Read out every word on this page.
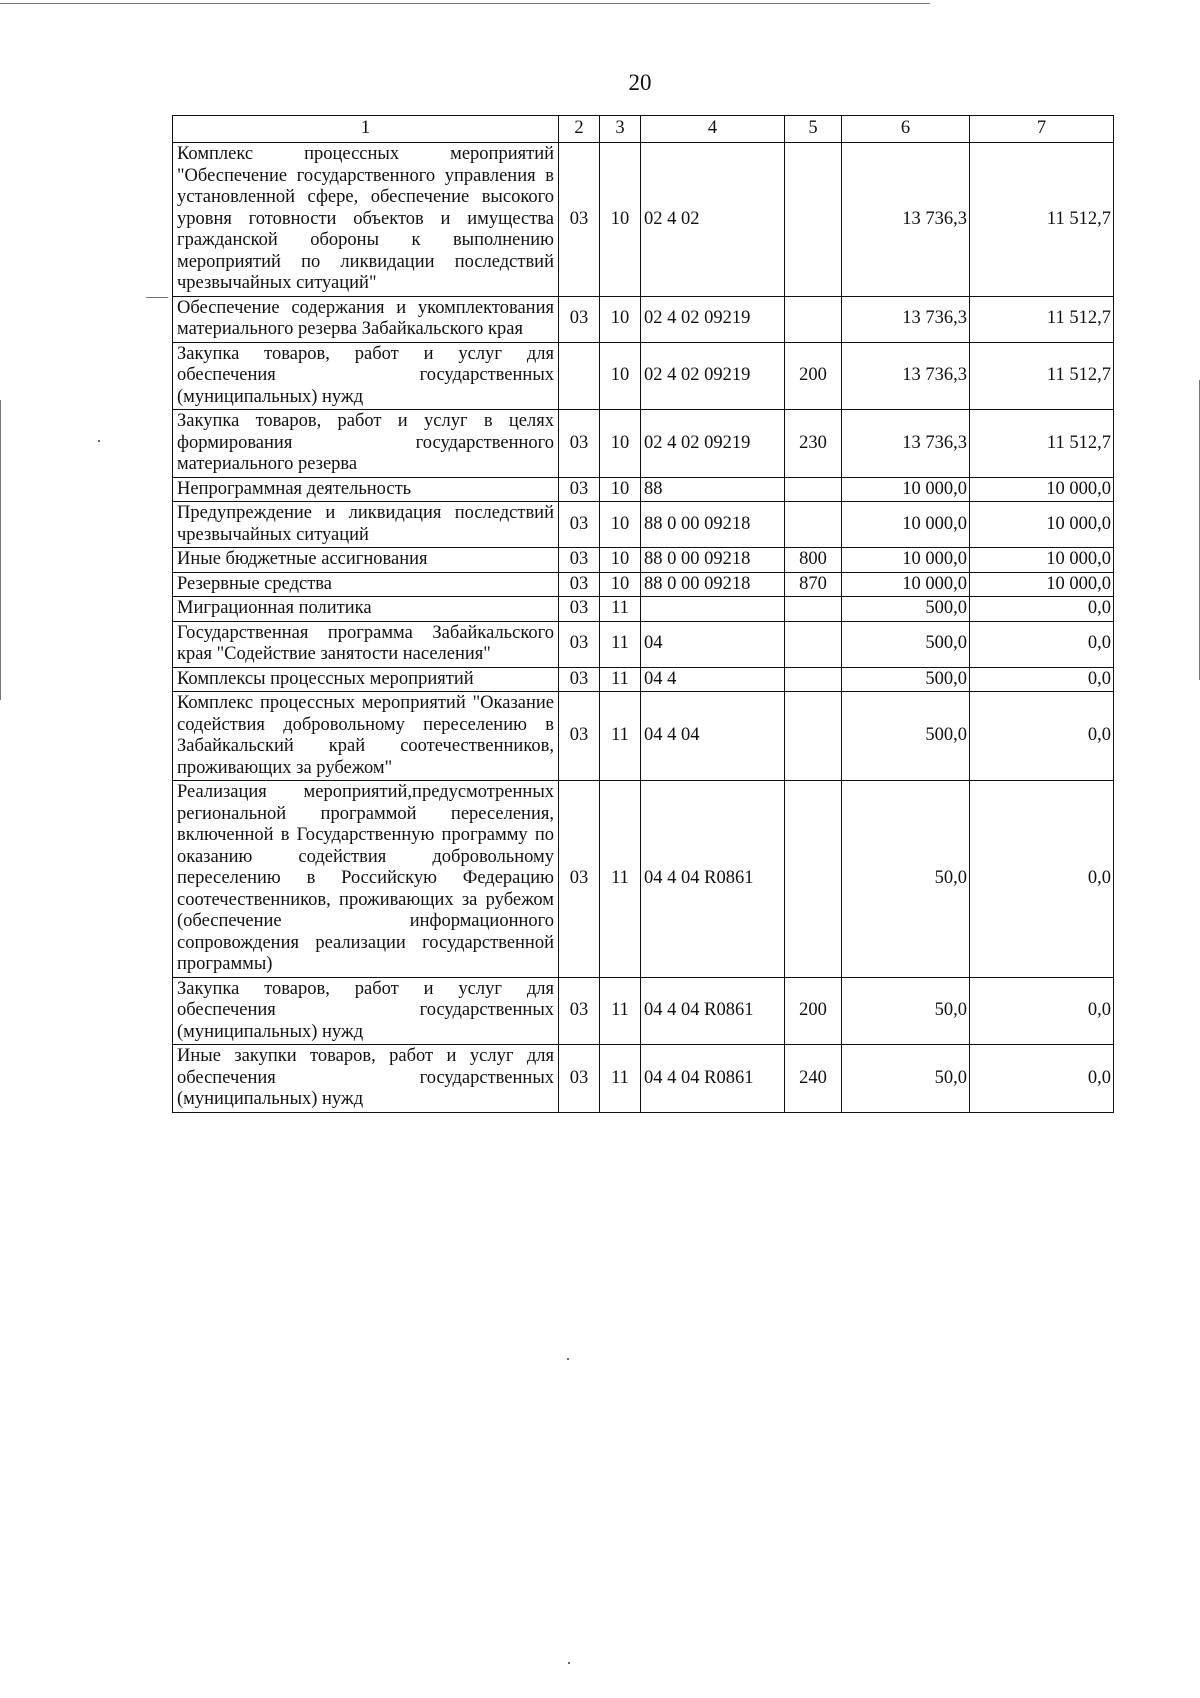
20
1	2	3	4	5	6	7
Комплекс процессных мероприятий "Обеспечение государственного управления в установленной сфере, обеспечение высокого уровня готовности объектов и имущества гражданской обороны к выполнению мероприятий по ликвидации последствий чрезвычайных ситуаций"	03	10	02 4 02		13 736,3	11 512,7
Обеспечение содержания и укомплектования материального резерва Забайкальского края	03	10	02 4 02 09219		13 736,3	11 512,7
Закупка товаров, работ и услуг для обеспечения государственных (муниципальных) нужд		10	02 4 02 09219	200	13 736,3	11 512,7
Закупка товаров, работ и услуг в целях формирования государственного материального резерва	03	10	02 4 02 09219	230	13 736,3	11 512,7
Непрограммная деятельность	03	10	88		10 000,0	10 000,0
Предупреждение и ликвидация последствий чрезвычайных ситуаций	03	10	88 0 00 09218		10 000,0	10 000,0
Иные бюджетные ассигнования	03	10	88 0 00 09218	800	10 000,0	10 000,0
Резервные средства	03	10	88 0 00 09218	870	10 000,0	10 000,0
Миграционная политика	03	11			500,0	0,0
Государственная программа Забайкальского края "Содействие занятости населения"	03	11	04		500,0	0,0
Комплексы процессных мероприятий	03	11	04 4		500,0	0,0
Комплекс процессных мероприятий "Оказание содействия добровольному переселению в Забайкальский край соотечественников, проживающих за рубежом"	03	11	04 4 04		500,0	0,0
Реализация мероприятий,предусмотренных региональной программой переселения, включенной в Государственную программу по оказанию содействия добровольному переселению в Российскую Федерацию соотечественников, проживающих за рубежом (обеспечение информационного сопровождения реализации государственной программы)	03	11	04 4 04 R0861		50,0	0,0
Закупка товаров, работ и услуг для обеспечения государственных (муниципальных) нужд	03	11	04 4 04 R0861	200	50,0	0,0
Иные закупки товаров, работ и услуг для обеспечения государственных (муниципальных) нужд	03	11	04 4 04 R0861	240	50,0	0,0
